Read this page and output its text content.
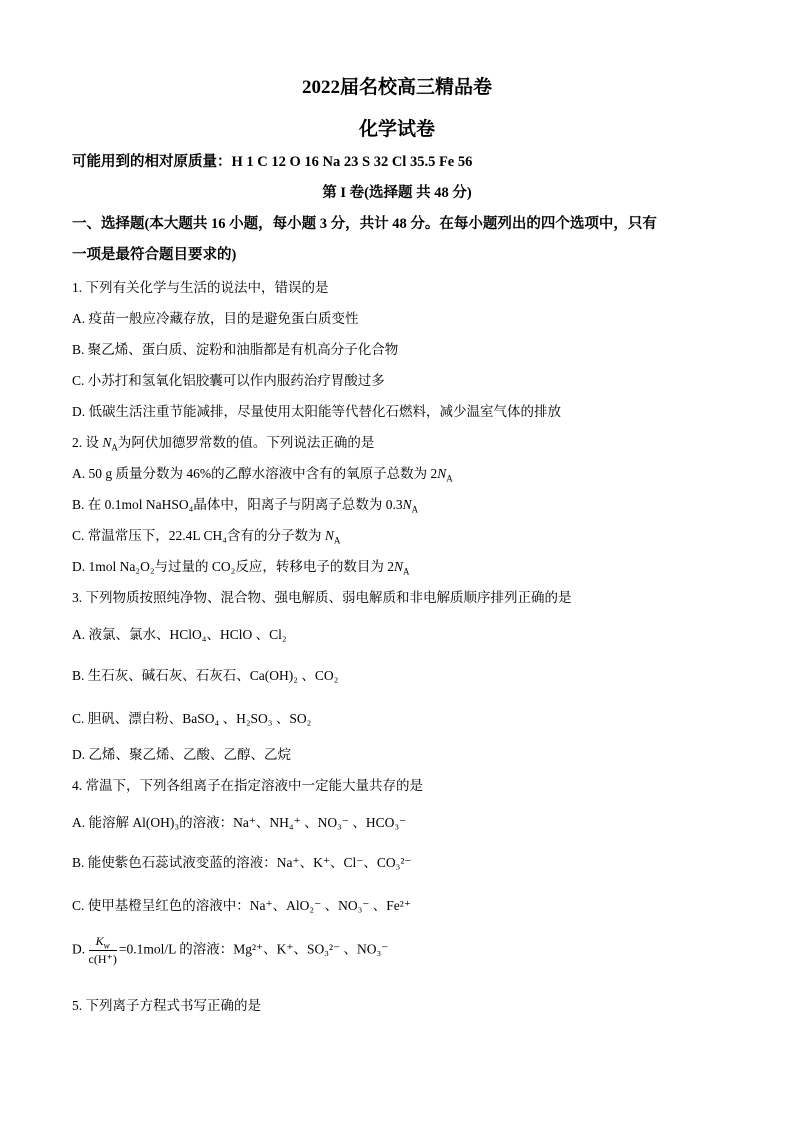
2022届名校高三精品卷
化学试卷
可能用到的相对原质量：H 1 C 12 O 16 Na 23 S 32 Cl 35.5 Fe 56
第 I 卷(选择题 共 48 分)
一、选择题(本大题共 16 小题，每小题 3 分，共计 48 分。在每小题列出的四个选项中，只有
一项是最符合题目要求的)
1. 下列有关化学与生活的说法中，错误的是
A. 疫苗一般应冷藏存放，目的是避免蛋白质变性
B. 聚乙烯、蛋白质、淀粉和油脂都是有机高分子化合物
C. 小苏打和氢氧化铝胶囊可以作内服药治疗胃酸过多
D. 低碳生活注重节能减排，尽量使用太阳能等代替化石燃料，减少温室气体的排放
2. 设 $N_A$为阿伏加德罗常数的值。下列说法正确的是
A. 50 g 质量分数为 46%的乙醇水溶液中含有的氧原子总数为 $2N_A$
B. 在 0.1mol NaHSO₄晶体中，阳离子与阴离子总数为 $0.3N_A$
C. 常温常压下，22.4L CH₄含有的分子数为 $N_A$
D. 1mol Na₂O₂与过量的 CO₂反应，转移电子的数目为 $2N_A$
3. 下列物质按照纯净物、混合物、强电解质、弱电解质和非电解质顺序排列正确的是
A. 液氯、氯水、HClO₄、HClO 、Cl₂
B. 生石灰、碱石灰、石灰石、Ca(OH)₂ 、CO₂
C. 胆矾、漂白粉、BaSO₄ 、H₂SO₃ 、SO₂
D. 乙烯、聚乙烯、乙酸、乙醇、乙烷
4. 常温下，下列各组离子在指定溶液中一定能大量共存的是
A. 能溶解 Al(OH)₃的溶液：Na⁺、NH₄⁺ 、NO₃⁻ 、HCO₃⁻
B. 能使紫色石蕊试液变蓝的溶液：Na⁺、K⁺、Cl⁻、CO₃²⁻
C. 使甲基橙呈红色的溶液中：Na⁺、AlO₂⁻ 、NO₃⁻ 、Fe²⁺
D. $\frac{K_w}{c(H^+)} =0.1mol/L$ 的溶液：Mg²⁺、K⁺、SO₃²⁻ 、NO₃⁻
5. 下列离子方程式书写正确的是
